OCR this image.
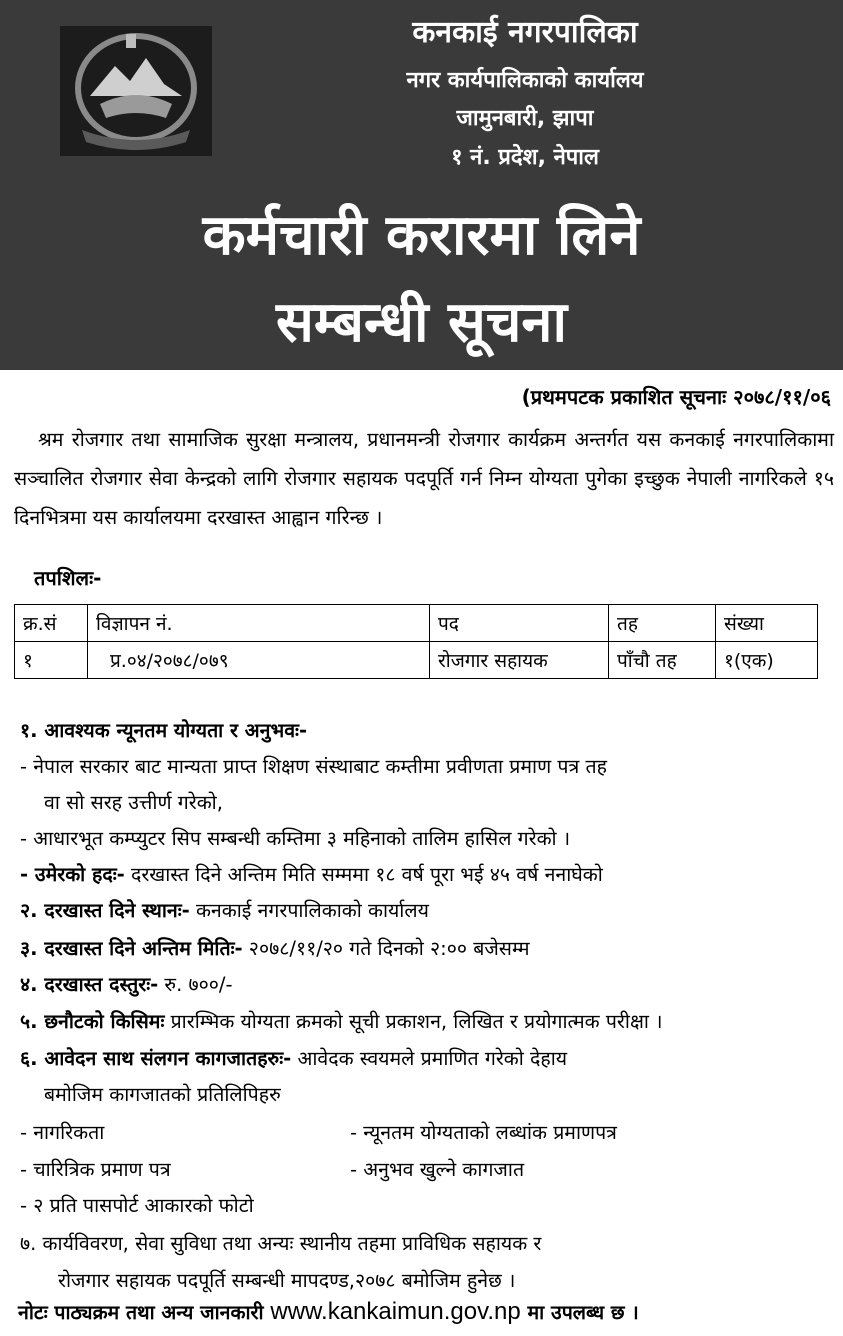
कनकाई नगरपालिका
नगर कार्यपालिकाको कार्यालय
जामुनबारी, झापा
१ नं. प्रदेश, नेपाल
कर्मचारी करारमा लिने
सम्बन्धी सूचना
(प्रथमपटक प्रकाशित सूचनाः २०७८/११/०६

श्रम रोजगार तथा सामाजिक सुरक्षा मन्त्रालय, प्रधानमन्त्री रोजगार कार्यक्रम अन्तर्गत यस कनकाई नगरपालिकामा सञ्चालित रोजगार सेवा केन्द्रको लागि रोजगार सहायक पदपूर्ति गर्न निम्न योग्यता पुगेका इच्छुक नेपाली नागरिकले १५ दिनभित्रमा यस कार्यालयमा दरखास्त आह्वान गरिन्छ ।

तपशिलः-
क्र.सं	विज्ञापन नं.	पद	तह	संख्या
१	प्र.०४/२०७८/०७९	रोजगार सहायक	पाँचौ तह	१(एक)
१. आवश्यक न्यूनतम योग्यता र अनुभवः-
- नेपाल सरकार बाट मान्यता प्राप्त शिक्षण संस्थाबाट कम्तीमा प्रवीणता प्रमाण पत्र तह
वा सो सरह उत्तीर्ण गरेको,
- आधारभूत कम्प्युटर सिप सम्बन्धी कम्तिमा ३ महिनाको तालिम हासिल गरेको ।
- उमेरको हदः- दरखास्त दिने अन्तिम मिति सम्ममा १८ वर्ष पूरा भई ४५ वर्ष ननाघेको
२. दरखास्त दिने स्थानः- कनकाई नगरपालिकाको कार्यालय
३. दरखास्त दिने अन्तिम मितिः- २०७८/११/२० गते दिनको २:०० बजेसम्म
४. दरखास्त दस्तुरः- रु. ७००/-
५. छनौटको किसिमः प्रारम्भिक योग्यता क्रमको सूची प्रकाशन, लिखित र प्रयोगात्मक परीक्षा ।
६. आवेदन साथ संलगन कागजातहरुः- आवेदक स्वयमले प्रमाणित गरेको देहाय
बमोजिम कागजातको प्रतिलिपिहरु
- नागरिकता	- न्यूनतम योग्यताको लब्धांक प्रमाणपत्र
- चारित्रिक प्रमाण पत्र	- अनुभव खुल्ने कागजात
- २ प्रति पासपोर्ट आकारको फोटो
७. कार्यविवरण, सेवा सुविधा तथा अन्यः स्थानीय तहमा प्राविधिक सहायक र
रोजगार सहायक पदपूर्ति सम्बन्धी मापदण्ड,२०७८ बमोजिम हुनेछ ।
नोटः पाठ्यक्रम तथा अन्य जानकारी www.kankaimun.gov.np मा उपलब्ध छ ।
